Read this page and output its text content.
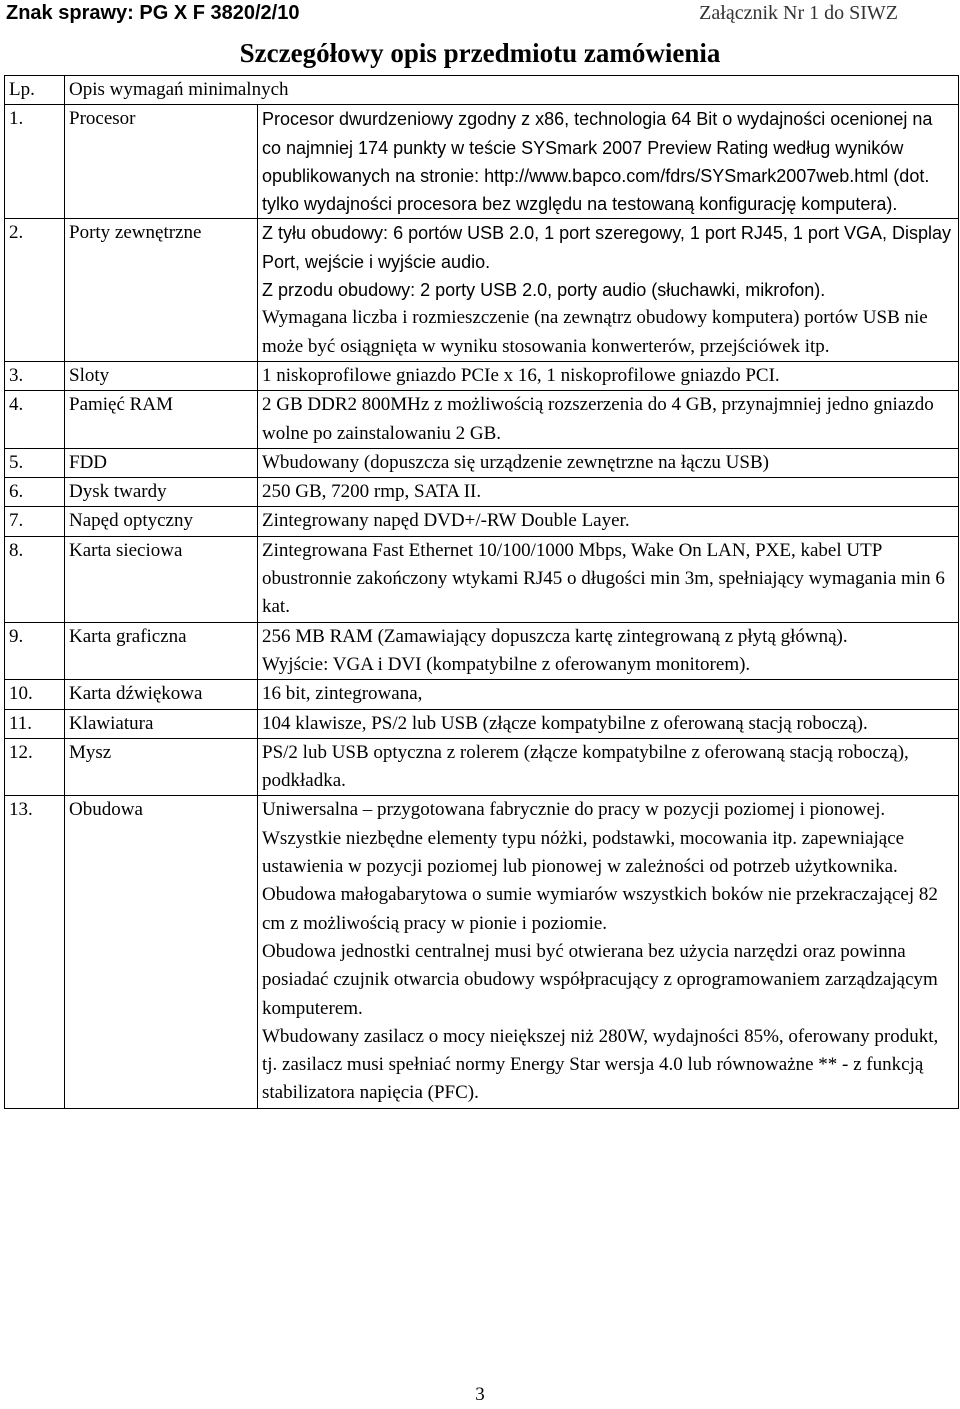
Znak sprawy: PG X F 3820/2/10	Załącznik Nr 1 do SIWZ
Szczegółowy opis przedmiotu zamówienia
Lp.	Opis wymagań minimalnych	
1.	Procesor	Procesor dwurdzeniowy zgodny z x86, technologia 64 Bit o wydajności ocenionej na co najmniej 174 punkty w teście SYSmark 2007 Preview Rating według wyników opublikowanych na stronie: http://www.bapco.com/fdrs/SYSmark2007web.html (dot. tylko wydajności procesora bez względu na testowaną konfigurację komputera).

2.	Porty zewnętrzne	Z tyłu obudowy: 6 portów USB 2.0, 1 port szeregowy, 1 port RJ45, 1 port VGA, Display Port, wejście i wyjście audio.
Z przodu obudowy: 2 porty USB 2.0, porty audio (słuchawki, mikrofon).
Wymagana liczba i rozmieszczenie (na zewnątrz obudowy komputera) portów USB nie może być osiągnięta w wyniku stosowania konwerterów, przejściówek itp.

3.	Sloty	1 niskoprofilowe gniazdo PCIe x 16, 1 niskoprofilowe gniazdo PCI.

4.	Pamięć RAM	2 GB DDR2 800MHz z możliwością rozszerzenia do 4 GB, przynajmniej jedno gniazdo wolne po zainstalowaniu 2 GB.

5.	FDD	Wbudowany (dopuszcza się urządzenie zewnętrzne na łączu USB)

6.	Dysk twardy	250 GB, 7200 rmp, SATA II.

7.	Napęd optyczny	Zintegrowany napęd DVD+/-RW Double Layer.

8.	Karta sieciowa	Zintegrowana Fast Ethernet 10/100/1000 Mbps, Wake On LAN, PXE, kabel UTP obustronnie zakończony wtykami RJ45 o długości min 3m, spełniający wymagania min 6 kat.

9.	Karta graficzna	256 MB RAM (Zamawiający dopuszcza kartę zintegrowaną z płytą główną).
Wyjście: VGA i DVI (kompatybilne z oferowanym monitorem).

10.	Karta dźwiękowa	16 bit, zintegrowana,

11.	Klawiatura	104 klawisze, PS/2 lub USB (złącze kompatybilne z oferowaną stacją roboczą).

12.	Mysz	PS/2 lub USB optyczna z rolerem (złącze kompatybilne z oferowaną stacją roboczą), podkładka.

13.	Obudowa	Uniwersalna – przygotowana fabrycznie do pracy w pozycji poziomej i pionowej.
Wszystkie niezbędne elementy typu nóżki, podstawki, mocowania itp. zapewniające ustawienia w pozycji poziomej lub pionowej w zależności od potrzeb użytkownika.
Obudowa małogabarytowa o sumie wymiarów wszystkich boków nie przekraczającej 82 cm z możliwością pracy w pionie i poziomie.
Obudowa jednostki centralnej musi być otwierana bez użycia narzędzi oraz powinna posiadać czujnik otwarcia obudowy współpracujący z oprogramowaniem zarządzającym komputerem.
Wbudowany zasilacz o mocy nieiększej niż 280W, wydajności 85%, oferowany produkt, tj. zasilacz musi spełniać normy Energy Star wersja 4.0 lub równoważne ** - z funkcją stabilizatora napięcia (PFC).
3
